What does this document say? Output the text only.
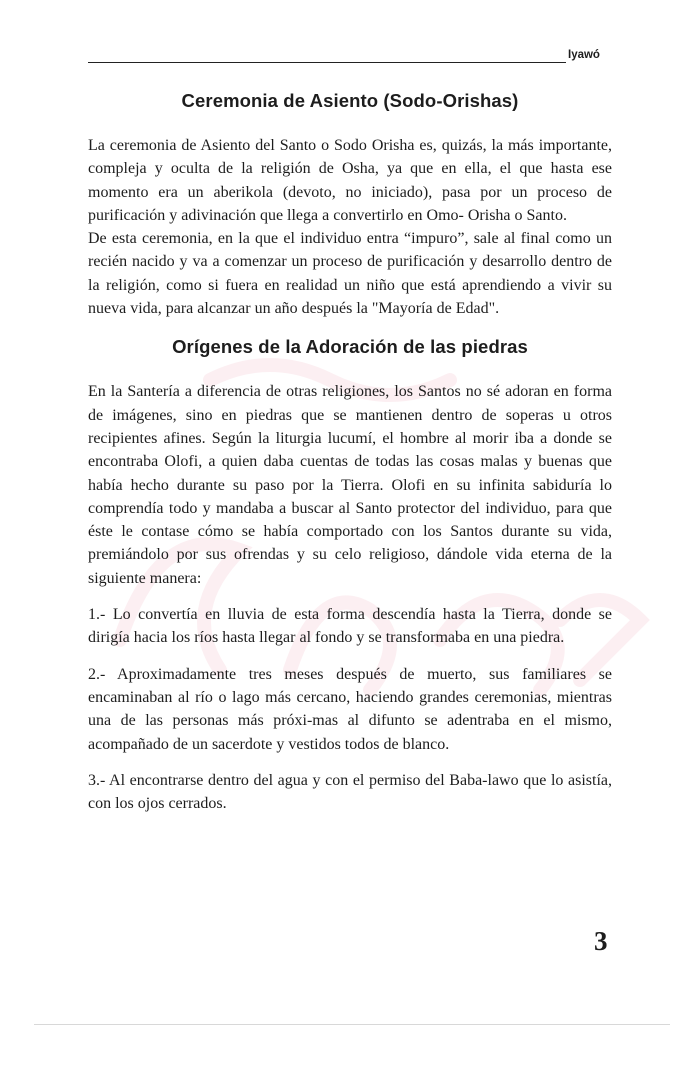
Iyawó
Ceremonia de Asiento (Sodo-Orishas)

La ceremonia de Asiento del Santo o Sodo Orisha es, quizás, la más importante, compleja y oculta de la religión de Osha, ya que en ella, el que hasta ese momento era un aberikola (devoto, no iniciado), pasa por un proceso de purificación y adivinación que llega a convertirlo en Omo- Orisha o Santo.

De esta ceremonia, en la que el individuo entra “impuro”, sale al final como un recién nacido y va a comenzar un proceso de purificación y desarrollo dentro de la religión, como si fuera en realidad un niño que está aprendiendo a vivir su nueva vida, para alcanzar un año después la "Mayoría de Edad".

Orígenes de la Adoración de las piedras

En la Santería a diferencia de otras religiones, los Santos no sé adoran en forma de imágenes, sino en piedras que se mantienen dentro de soperas u otros recipientes afines. Según la liturgia lucumí, el hombre al morir iba a donde se encontraba Olofi, a quien daba cuentas de todas las cosas malas y buenas que había hecho durante su paso por la Tierra. Olofi en su infinita sabiduría lo comprendía todo y mandaba a buscar al Santo protector del individuo, para que éste le contase cómo se había comportado con los Santos durante su vida, premiándolo por sus ofrendas y su celo religioso, dándole vida eterna de la siguiente manera:

1.- Lo convertía en lluvia de esta forma descendía hasta la Tierra, donde se dirigía hacia los ríos hasta llegar al fondo y se transformaba en una piedra.

2.- Aproximadamente tres meses después de muerto, sus familiares se encaminaban al río o lago más cercano, haciendo grandes ceremonias, mientras una de las personas más próxi-mas al difunto se adentraba en el mismo, acompañado de un sacerdote y vestidos todos de blanco.

3.- Al encontrarse dentro del agua y con el permiso del Baba-lawo que lo asistía, con los ojos cerrados.

3
